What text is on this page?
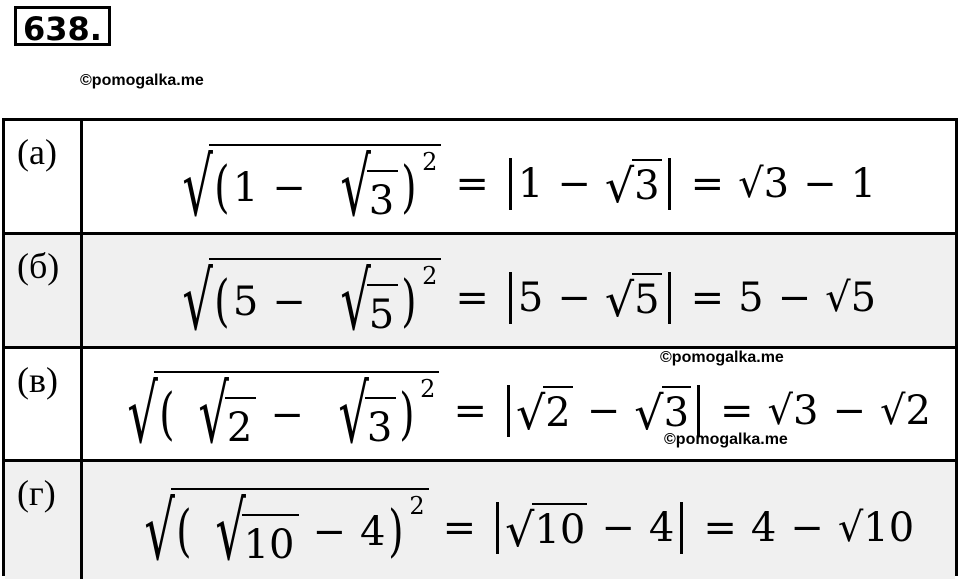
638.
©pomogalka.me
(а)	√ ( 1 − √
3 ) 2 = 1 − √ 3 = √3 − 1
(б) √ ( 5 − √
5 ) 2 = 5 − √ 5 = 5 − √5
(в) √ ( √
2 − √
3 ) 2 = √ 2 − √ 3 = √3 − √2
(г)	√ ( √
10 − 4 ) 2 = √ 10 − 4 = 4 − √10
©pomogalka.me
©pomogalka.me
